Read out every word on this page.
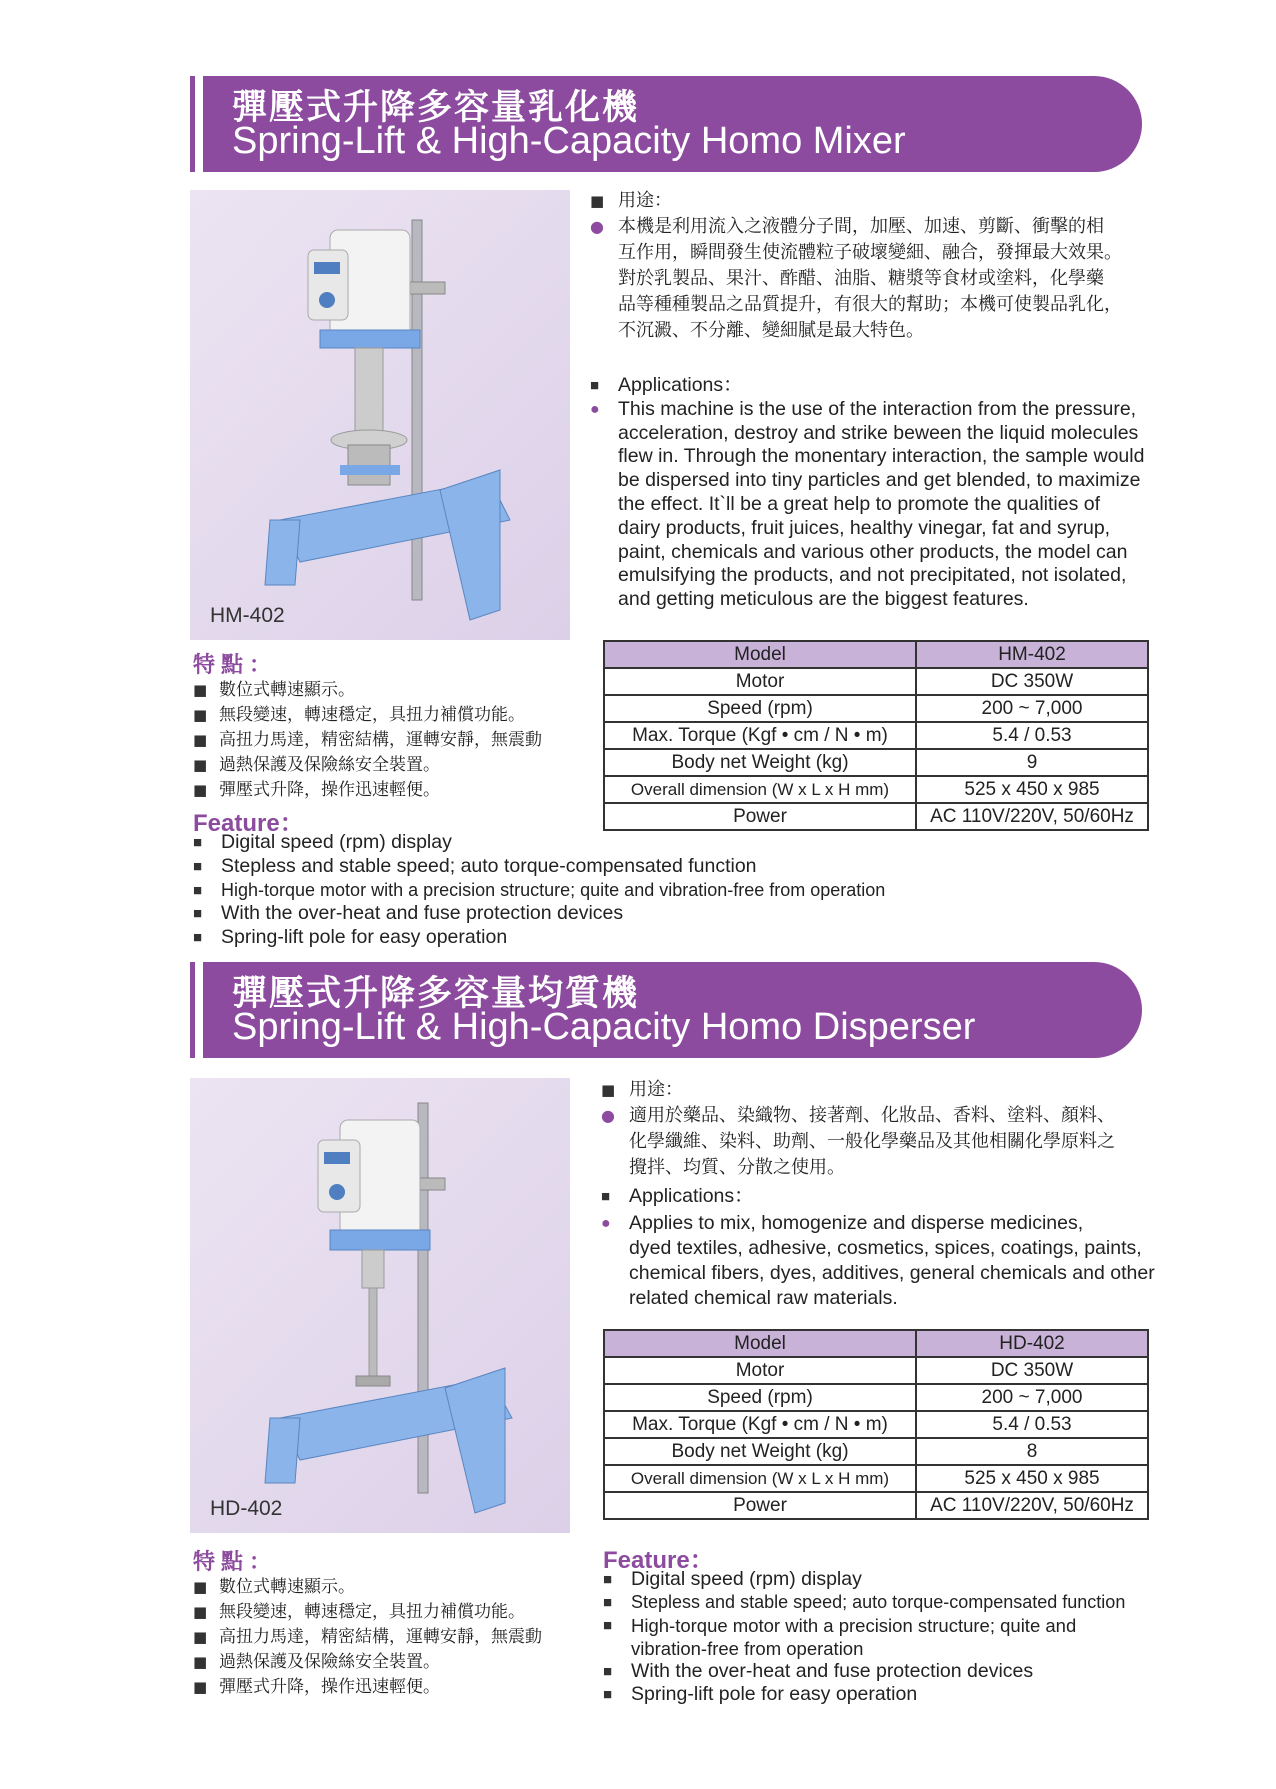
彈壓式升降多容量乳化機
Spring-Lift & High-Capacity Homo Mixer
HM-402
■ 用途：
● 本機是利用流入之液體分子間，加壓、加速、剪斷、衝擊的相
互作用，瞬間發生使流體粒子破壞變細、融合，發揮最大效果。
對於乳製品、果汁、酢醋、油脂、糖漿等食材或塗料，化學藥
品等種種製品之品質提升，有很大的幫助；本機可使製品乳化，
不沉澱、不分離、變細膩是最大特色。
■ Applications：
● This machine is the use of the interaction from the pressure,
acceleration, destroy and strike beween the liquid molecules
flew in. Through the monentary interaction, the sample would
be dispersed into tiny particles and get blended, to maximize
the effect. It`ll be a great help to promote the qualities of
dairy products, fruit juices, healthy vinegar, fat and syrup,
paint, chemicals and various other products, the model can
emulsifying the products, and not precipitated, not isolated,
and getting meticulous are the biggest features.
Model	HM-402
Motor	DC 350W
Speed (rpm)	200 ~ 7,000
Max. Torque (Kgf • cm / N • m)	5.4 / 0.53
Body net Weight (kg)	9
Overall dimension (W x L x H mm)	525 x 450 x 985
Power	AC 110V/220V, 50/60Hz
特點：
■ 數位式轉速顯示。
■ 無段變速，轉速穩定，具扭力補償功能。
■ 高扭力馬達，精密結構，運轉安靜，無震動
■ 過熱保護及保險絲安全裝置。
■ 彈壓式升降，操作迅速輕便。
Feature：
■ Digital speed (rpm) display
■ Stepless and stable speed; auto torque-compensated function
■ High-torque motor with a precision structure; quite and vibration-free from operation
■ With the over-heat and fuse protection devices
■ Spring-lift pole for easy operation
彈壓式升降多容量均質機
Spring-Lift & High-Capacity Homo Disperser
HD-402
■ 用途：
● 適用於藥品、染織物、接著劑、化妝品、香料、塗料、顏料、
化學纖維、染料、助劑、一般化學藥品及其他相關化學原料之
攪拌、均質、分散之使用。
■ Applications：
● Applies to mix, homogenize and disperse medicines,
dyed textiles, adhesive, cosmetics, spices, coatings, paints,
chemical fibers, dyes, additives, general chemicals and other
related chemical raw materials.
Model	HD-402
Motor	DC 350W
Speed (rpm)	200 ~ 7,000
Max. Torque (Kgf • cm / N • m)	5.4 / 0.53
Body net Weight (kg)	8
Overall dimension (W x L x H mm)	525 x 450 x 985
Power	AC 110V/220V, 50/60Hz
特點：
■ 數位式轉速顯示。
■ 無段變速，轉速穩定，具扭力補償功能。
■ 高扭力馬達，精密結構，運轉安靜，無震動
■ 過熱保護及保險絲安全裝置。
■ 彈壓式升降，操作迅速輕便。
Feature：
■ Digital speed (rpm) display
■ Stepless and stable speed; auto torque-compensated function
■ High-torque motor with a precision structure; quite and
vibration-free from operation
■ With the over-heat and fuse protection devices
■ Spring-lift pole for easy operation
